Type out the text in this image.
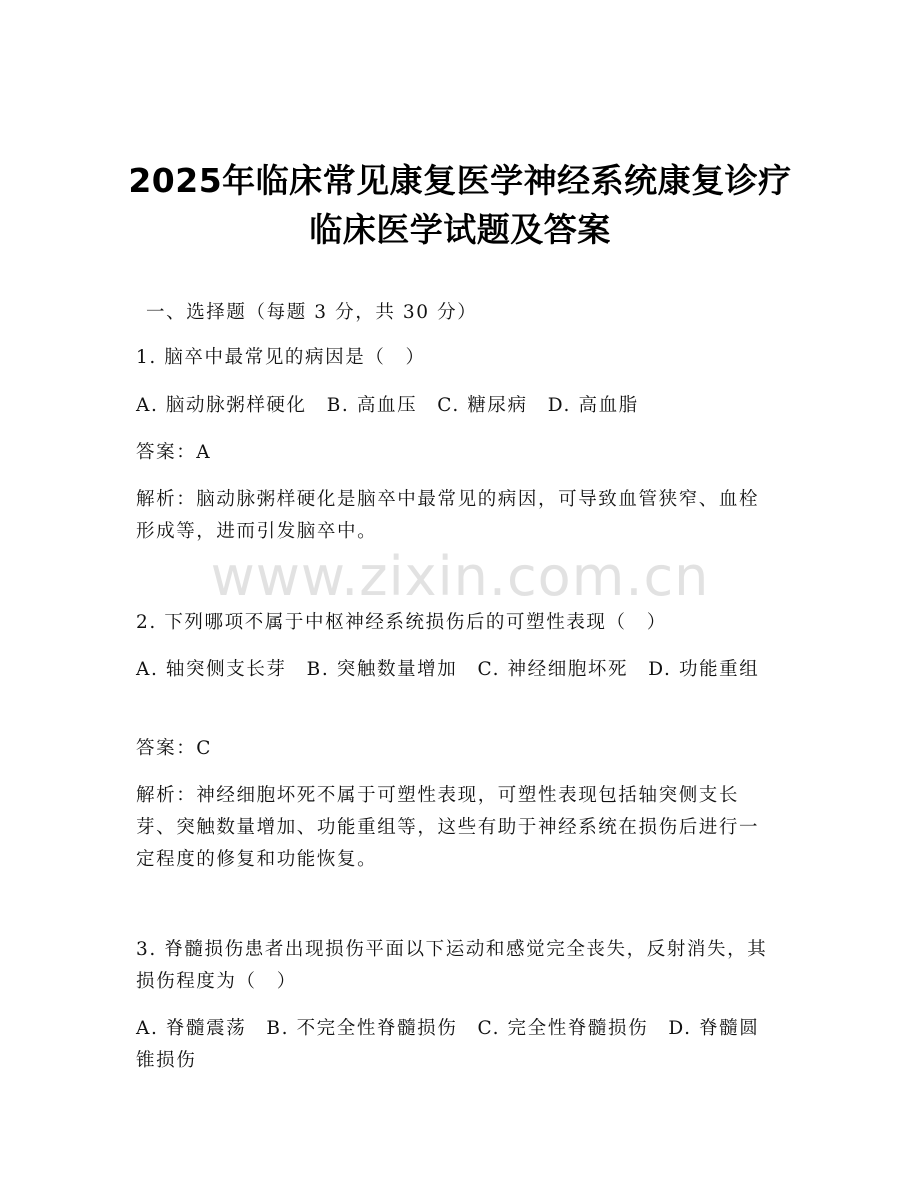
2025年临床常见康复医学神经系统康复诊疗
临床医学试题及答案
一、选择题（每题 3 分，共 30 分）
1. 脑卒中最常见的病因是（　）
A. 脑动脉粥样硬化　B. 高血压　C. 糖尿病　D. 高血脂
答案：A
解析：脑动脉粥样硬化是脑卒中最常见的病因，可导致血管狭窄、血栓形成等，进而引发脑卒中。
www.zixin.com.cn
2. 下列哪项不属于中枢神经系统损伤后的可塑性表现（　）
A. 轴突侧支长芽　B. 突触数量增加　C. 神经细胞坏死　D. 功能重组
答案：C
解析：神经细胞坏死不属于可塑性表现，可塑性表现包括轴突侧支长芽、突触数量增加、功能重组等，这些有助于神经系统在损伤后进行一定程度的修复和功能恢复。
3. 脊髓损伤患者出现损伤平面以下运动和感觉完全丧失，反射消失，其损伤程度为（　）
A. 脊髓震荡　B. 不完全性脊髓损伤　C. 完全性脊髓损伤　D. 脊髓圆锥损伤
